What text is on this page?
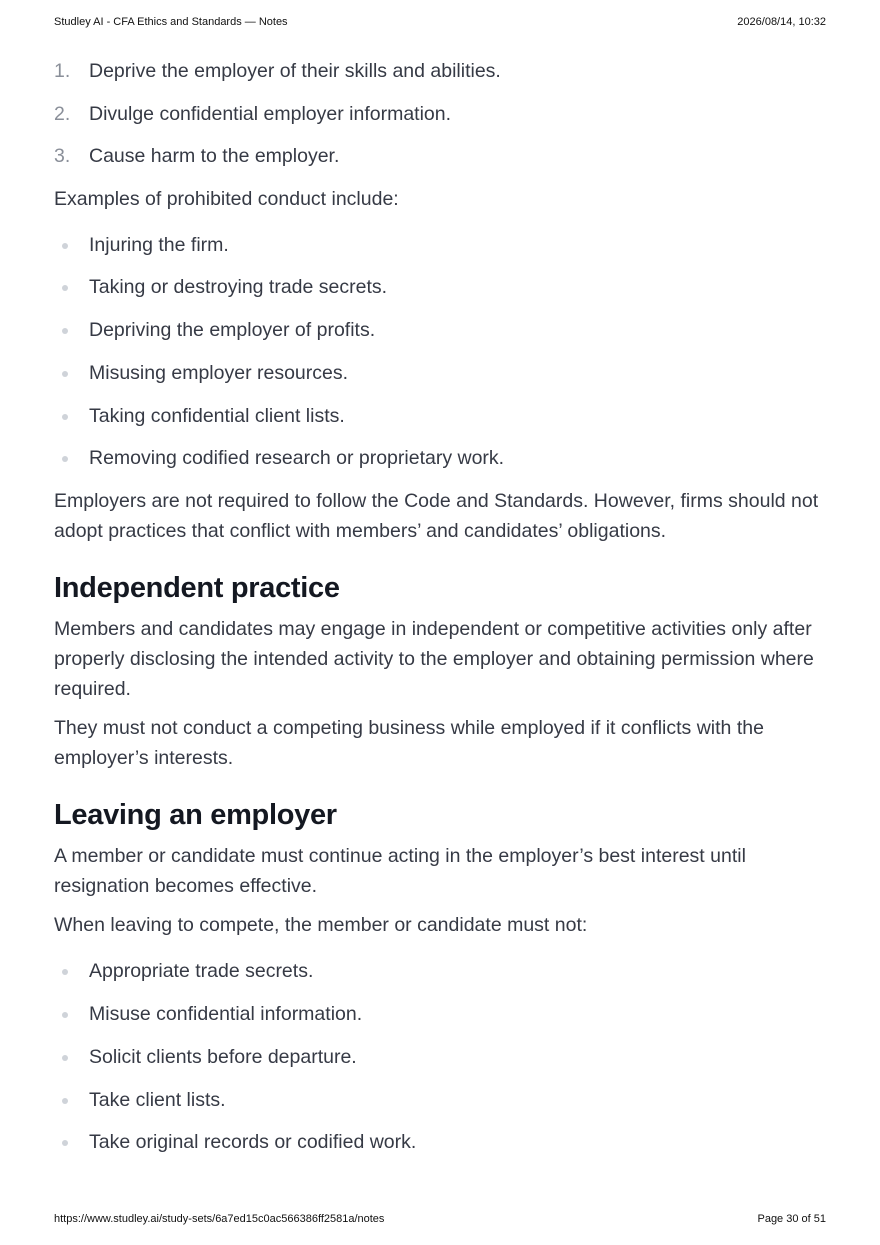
Studley AI - CFA Ethics and Standards — Notes	2026/08/14, 10:32
1. Deprive the employer of their skills and abilities.
2. Divulge confidential employer information.
3. Cause harm to the employer.

Examples of prohibited conduct include:

Injuring the firm.
Taking or destroying trade secrets.
Depriving the employer of profits.
Misusing employer resources.
Taking confidential client lists.
Removing codified research or proprietary work.

Employers are not required to follow the Code and Standards. However, firms should not adopt practices that conflict with members’ and candidates’ obligations.

Independent practice

Members and candidates may engage in independent or competitive activities only after properly disclosing the intended activity to the employer and obtaining permission where required.

They must not conduct a competing business while employed if it conflicts with the employer’s interests.

Leaving an employer

A member or candidate must continue acting in the employer’s best interest until resignation becomes effective.

When leaving to compete, the member or candidate must not:

Appropriate trade secrets.
Misuse confidential information.
Solicit clients before departure.
Take client lists.
Take original records or codified work.
https://www.studley.ai/study-sets/6a7ed15c0ac566386ff2581a/notes	Page 30 of 51
